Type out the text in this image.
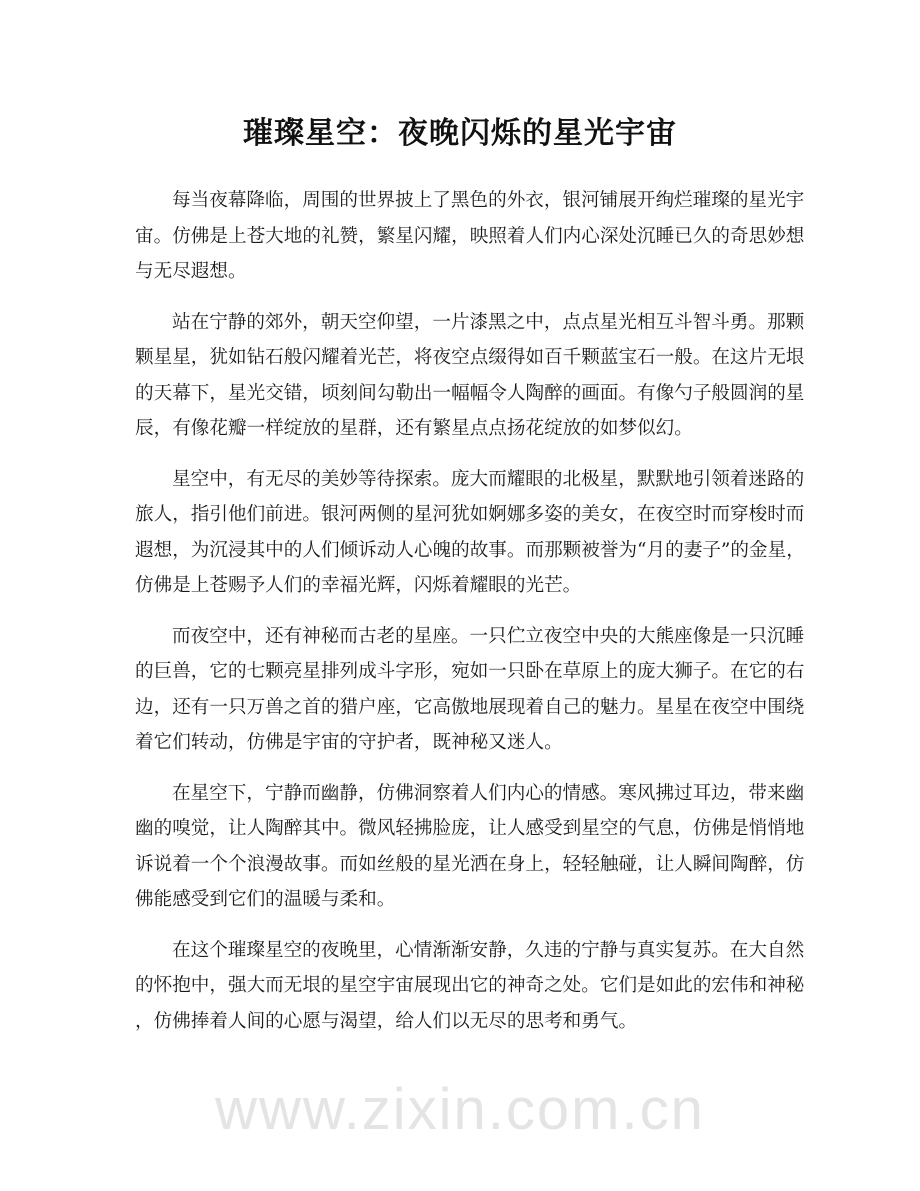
璀璨星空：夜晚闪烁的星光宇宙
每当夜幕降临，周围的世界披上了黑色的外衣，银河铺展开绚烂璀璨的星光宇
宙。仿佛是上苍大地的礼赞，繁星闪耀，映照着人们内心深处沉睡已久的奇思妙想
与无尽遐想。
站在宁静的郊外，朝天空仰望，一片漆黑之中，点点星光相互斗智斗勇。那颗
颗星星，犹如钻石般闪耀着光芒，将夜空点缀得如百千颗蓝宝石一般。在这片无垠
的天幕下，星光交错，顷刻间勾勒出一幅幅令人陶醉的画面。有像勺子般圆润的星
辰，有像花瓣一样绽放的星群，还有繁星点点扬花绽放的如梦似幻。
星空中，有无尽的美妙等待探索。庞大而耀眼的北极星，默默地引领着迷路的
旅人，指引他们前进。银河两侧的星河犹如婀娜多姿的美女，在夜空时而穿梭时而
遐想，为沉浸其中的人们倾诉动人心魄的故事。而那颗被誉为“月的妻子”的金星，
仿佛是上苍赐予人们的幸福光辉，闪烁着耀眼的光芒。
而夜空中，还有神秘而古老的星座。一只伫立夜空中央的大熊座像是一只沉睡
的巨兽，它的七颗亮星排列成斗字形，宛如一只卧在草原上的庞大狮子。在它的右
边，还有一只万兽之首的猎户座，它高傲地展现着自己的魅力。星星在夜空中围绕
着它们转动，仿佛是宇宙的守护者，既神秘又迷人。
在星空下，宁静而幽静，仿佛洞察着人们内心的情感。寒风拂过耳边，带来幽
幽的嗅觉，让人陶醉其中。微风轻拂脸庞，让人感受到星空的气息，仿佛是悄悄地
诉说着一个个浪漫故事。而如丝般的星光洒在身上，轻轻触碰，让人瞬间陶醉，仿
佛能感受到它们的温暖与柔和。
在这个璀璨星空的夜晚里，心情渐渐安静，久违的宁静与真实复苏。在大自然
的怀抱中，强大而无垠的星空宇宙展现出它的神奇之处。它们是如此的宏伟和神秘
，仿佛捧着人间的心愿与渴望，给人们以无尽的思考和勇气。
www.zixin.com.cn
